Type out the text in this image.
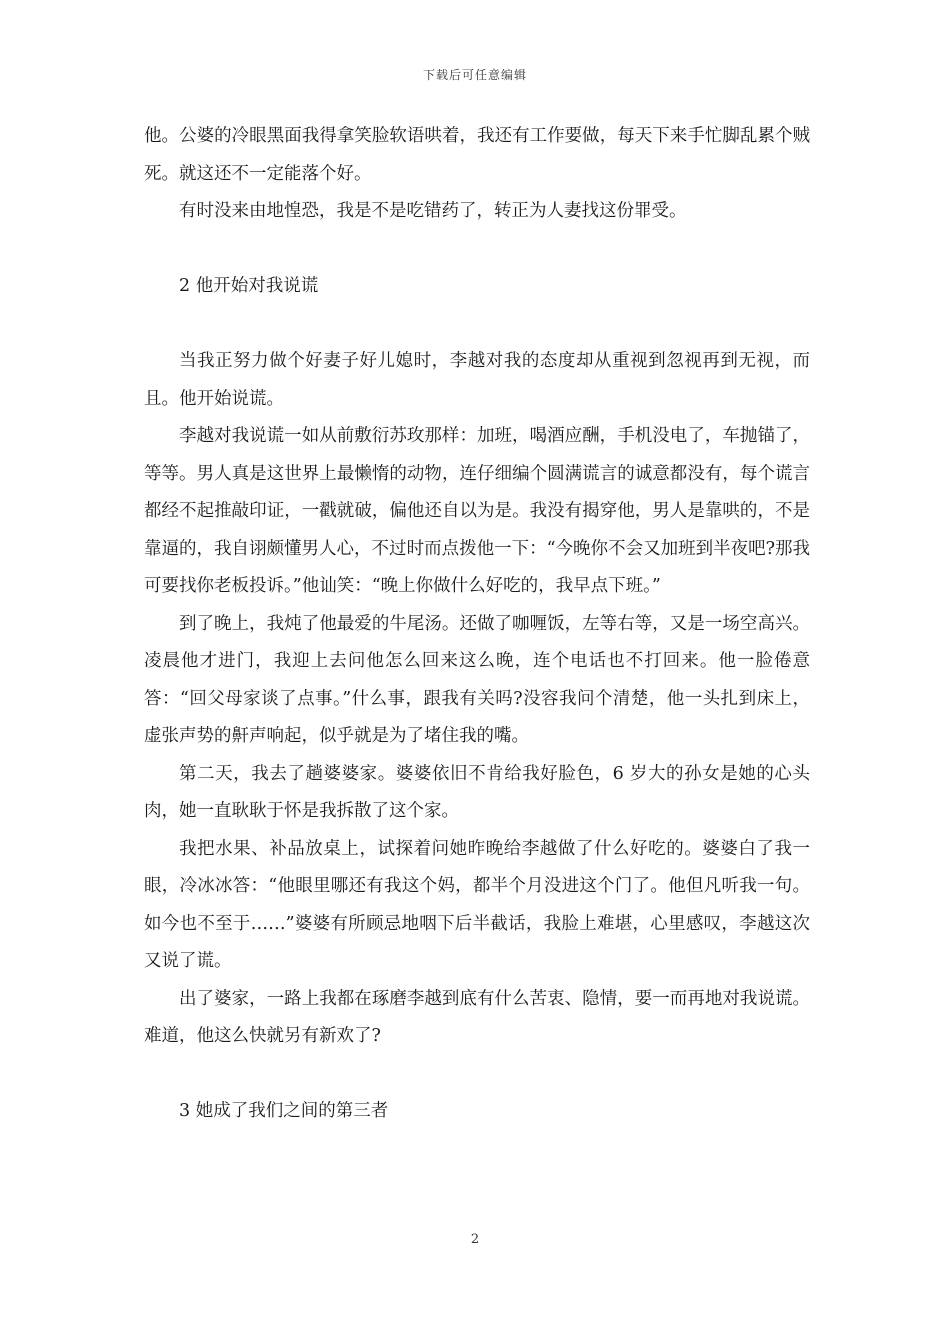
下载后可任意编辑

他。公婆的冷眼黑面我得拿笑脸软语哄着，我还有工作要做，每天下来手忙脚乱累个贼死。就这还不一定能落个好。

有时没来由地惶恐，我是不是吃错药了，转正为人妻找这份罪受。

2 他开始对我说谎

当我正努力做个好妻子好儿媳时，李越对我的态度却从重视到忽视再到无视，而且。他开始说谎。

李越对我说谎一如从前敷衍苏玫那样：加班，喝酒应酬，手机没电了，车抛锚了，等等。男人真是这世界上最懒惰的动物，连仔细编个圆满谎言的诚意都没有，每个谎言都经不起推敲印证，一戳就破，偏他还自以为是。我没有揭穿他，男人是靠哄的，不是靠逼的，我自诩颇懂男人心，不过时而点拨他一下：“今晚你不会又加班到半夜吧?那我可要找你老板投诉。”他讪笑：“晚上你做什么好吃的，我早点下班。”

到了晚上，我炖了他最爱的牛尾汤。还做了咖喱饭，左等右等，又是一场空高兴。凌晨他才进门，我迎上去问他怎么回来这么晚，连个电话也不打回来。他一脸倦意答：“回父母家谈了点事。”什么事，跟我有关吗?没容我问个清楚，他一头扎到床上，虚张声势的鼾声响起，似乎就是为了堵住我的嘴。

第二天，我去了趟婆婆家。婆婆依旧不肯给我好脸色，6 岁大的孙女是她的心头肉，她一直耿耿于怀是我拆散了这个家。

我把水果、补品放桌上，试探着问她昨晚给李越做了什么好吃的。婆婆白了我一眼，冷冰冰答：“他眼里哪还有我这个妈，都半个月没进这个门了。他但凡听我一句。如今也不至于……”婆婆有所顾忌地咽下后半截话，我脸上难堪，心里感叹，李越这次又说了谎。

出了婆家，一路上我都在琢磨李越到底有什么苦衷、隐情，要一而再地对我说谎。难道，他这么快就另有新欢了?

3 她成了我们之间的第三者
2
